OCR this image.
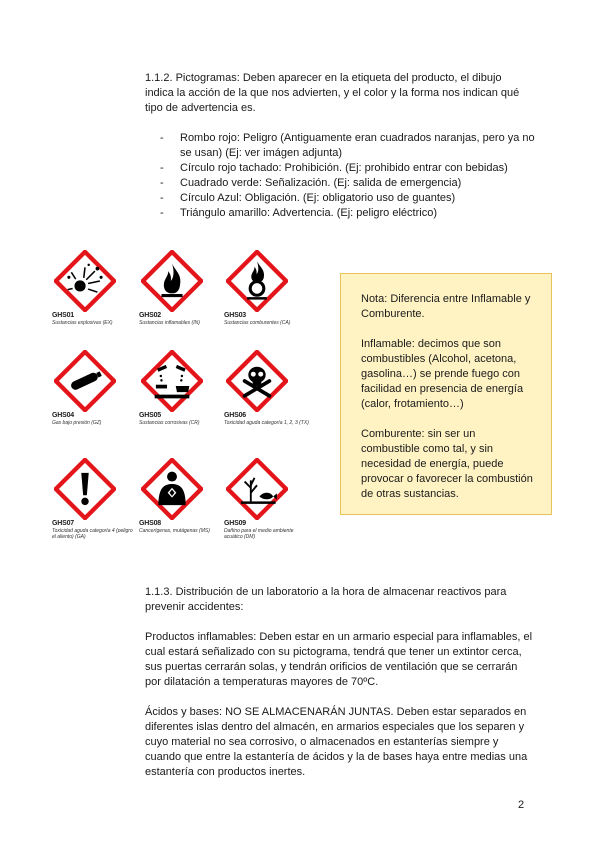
1.1.2. Pictogramas: Deben aparecer en la etiqueta del producto, el dibujo indica la acción de la que nos advierten, y el color y la forma nos indican qué tipo de advertencia es.

- Rombo rojo: Peligro (Antiguamente eran cuadrados naranjas, pero ya no se usan) (Ej: ver imágen adjunta)
- Círculo rojo tachado: Prohibición. (Ej: prohibido entrar con bebidas)
- Cuadrado verde: Señalización. (Ej: salida de emergencia)
- Círculo Azul: Obligación. (Ej: obligatorio uso de guantes)
- Triángulo amarillo: Advertencia. (Ej: peligro eléctrico)
GHS01
Sustancias explosivas (EX)
GHS02
Sustancias inflamables (IN)
GHS03
Sustancias comburentes (CA)
GHS04
Gas bajo presión (GZ)
GHS05
Sustancias corrosivas (CR)
GHS06
Toxicidad aguda categoría 1, 2, 3 (TX)
GHS07
Toxicidad aguda categoría 4 (peligro el aliento) (GA)
GHS08
Cancerígenas, mutágenas (MS)
GHS09
Dañino para el medio ambiente acuático (DM)

Nota: Diferencia entre Inflamable y Comburente.

Inflamable: decimos que son combustibles (Alcohol, acetona, gasolina…) se prende fuego con facilidad en presencia de energía (calor, frotamiento…)

Comburente: sin ser un combustible como tal, y sin necesidad de energía, puede provocar o favorecer la combustión de otras sustancias.

1.1.3. Distribución de un laboratorio a la hora de almacenar reactivos para prevenir accidentes:

Productos inflamables: Deben estar en un armario especial para inflamables, el cual estará señalizado con su pictograma, tendrá que tener un extintor cerca, sus puertas cerrarán solas, y tendrán orificios de ventilación que se cerrarán por dilatación a temperaturas mayores de 70ºC.

Ácidos y bases: NO SE ALMACENARÁN JUNTAS. Deben estar separados en diferentes islas dentro del almacén, en armarios especiales que los separen y cuyo material no sea corrosivo, o almacenados en estanterías siempre y cuando que entre la estantería de ácidos y la de bases haya entre medias una estantería con productos inertes.

2
